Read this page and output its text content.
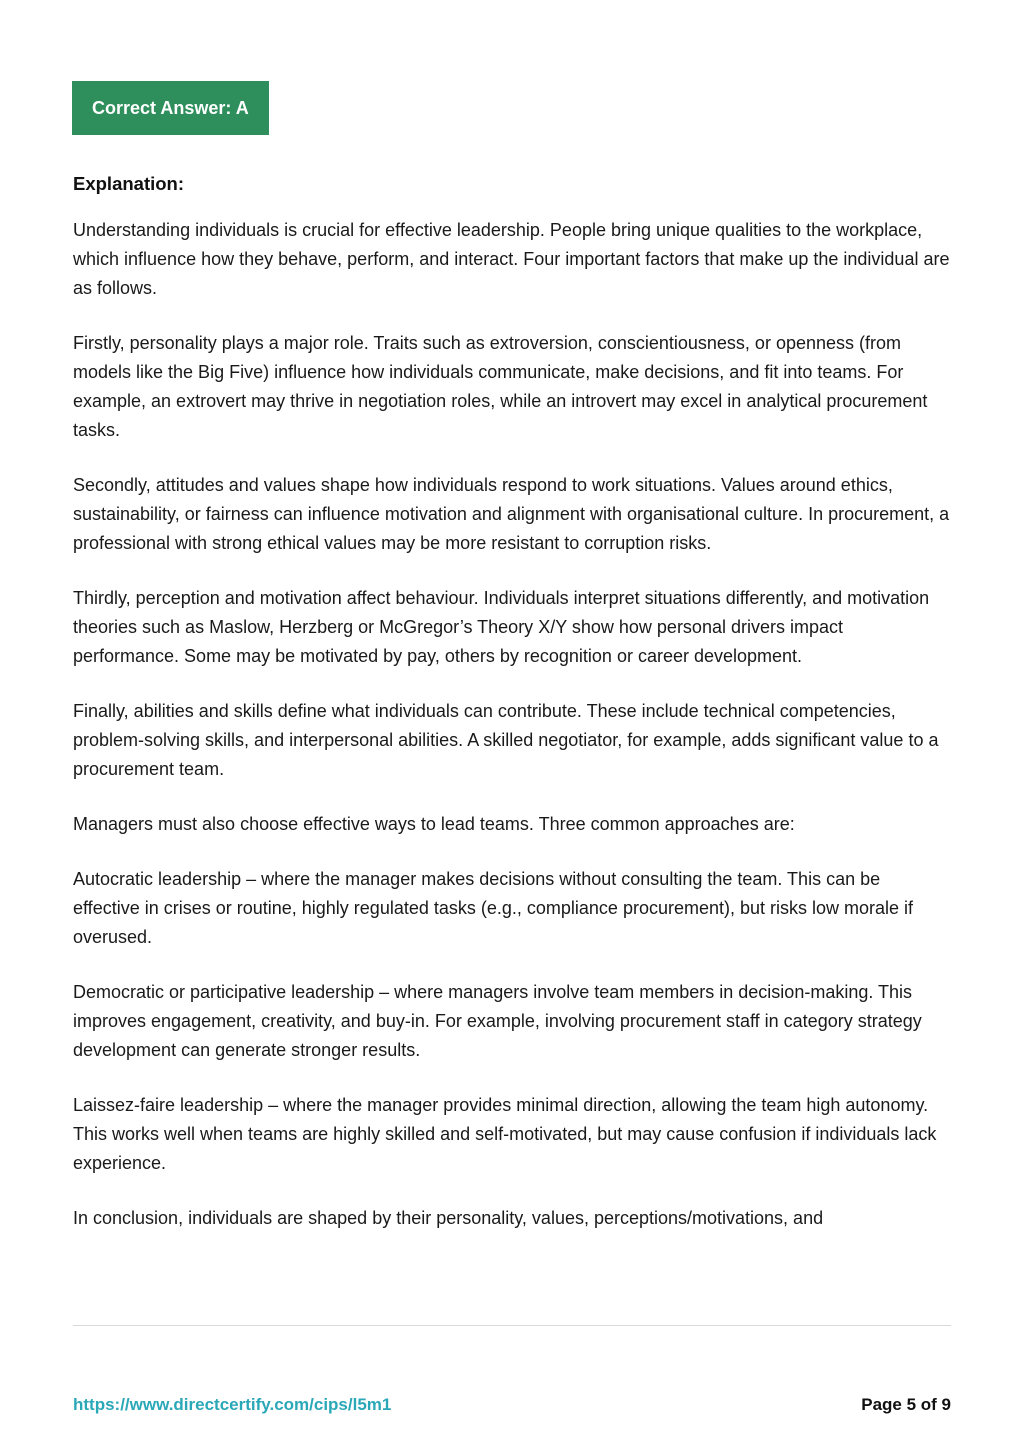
Correct Answer: A
Explanation:

Understanding individuals is crucial for effective leadership. People bring unique qualities to the workplace, which influence how they behave, perform, and interact. Four important factors that make up the individual are as follows.

Firstly, personality plays a major role. Traits such as extroversion, conscientiousness, or openness (from models like the Big Five) influence how individuals communicate, make decisions, and fit into teams. For example, an extrovert may thrive in negotiation roles, while an introvert may excel in analytical procurement tasks.

Secondly, attitudes and values shape how individuals respond to work situations. Values around ethics, sustainability, or fairness can influence motivation and alignment with organisational culture. In procurement, a professional with strong ethical values may be more resistant to corruption risks.

Thirdly, perception and motivation affect behaviour. Individuals interpret situations differently, and motivation theories such as Maslow, Herzberg or McGregor’s Theory X/Y show how personal drivers impact performance. Some may be motivated by pay, others by recognition or career development.

Finally, abilities and skills define what individuals can contribute. These include technical competencies, problem-solving skills, and interpersonal abilities. A skilled negotiator, for example, adds significant value to a procurement team.

Managers must also choose effective ways to lead teams. Three common approaches are:

Autocratic leadership – where the manager makes decisions without consulting the team. This can be effective in crises or routine, highly regulated tasks (e.g., compliance procurement), but risks low morale if overused.

Democratic or participative leadership – where managers involve team members in decision-making. This improves engagement, creativity, and buy-in. For example, involving procurement staff in category strategy development can generate stronger results.

Laissez-faire leadership – where the manager provides minimal direction, allowing the team high autonomy. This works well when teams are highly skilled and self-motivated, but may cause confusion if individuals lack experience.

In conclusion, individuals are shaped by their personality, values, perceptions/motivations, and

https://www.directcertify.com/cips/l5m1	Page 5 of 9
